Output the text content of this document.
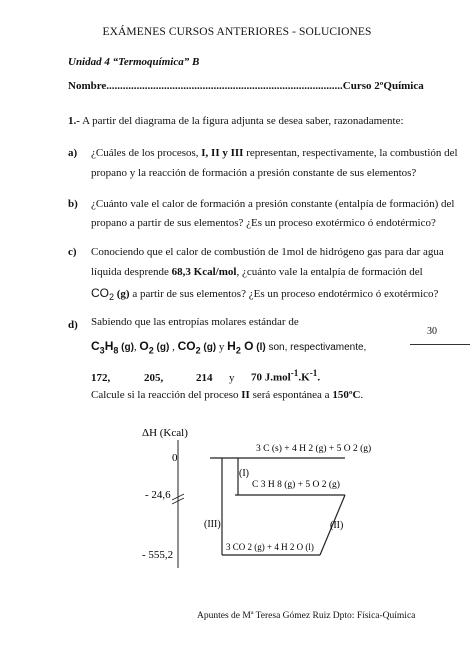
EXÁMENES CURSOS ANTERIORES - SOLUCIONES
Unidad 4 “Termoquímica” B
Nombre......................................................................................Curso 2ºQuímica
1.- A partir del diagrama de la figura adjunta se desea saber, razonadamente:
a) ¿Cuáles de los procesos, I, II y III representan, respectivamente, la combustión del
propano y la reacción de formación a presión constante de sus elementos?
b) ¿Cuánto vale el calor de formación a presión constante (entalpía de formación) del
propano a partir de sus elementos? ¿Es un proceso exotérmico ó endotérmico?
c) Conociendo que el calor de combustión de 1mol de hidrógeno gas para dar agua
líquida desprende 68,3 Kcal/mol, ¿cuánto vale la entalpía de formación del
$CO_2$ (g) a partir de sus elementos? ¿Es un proceso endotérmico ó exotérmico?
d) Sabiendo que las entropías molares estándar de
$C_3H_8$ (g), $O_2$ (g) , $CO_2$ (g) y $H_2$ O (l) son, respectivamente,
172,	205,	214 y 70 $J.mol^{-1}.K^{-1}$.
Calcule si la reacción del proceso II será espontánea a 150ºC.
ΔH (Kcal)
0
- 24,6
- 555,2
3 C (s) + 4 H 2 (g) + 5 O 2 (g)
C 3 H 8 (g) + 5 O 2 (g)
3 CO 2 (g) + 4 H 2 O (l)
(I)
(II)
(III)
30
Apuntes de Mª Teresa Gómez Ruiz Dpto: Física-Química
